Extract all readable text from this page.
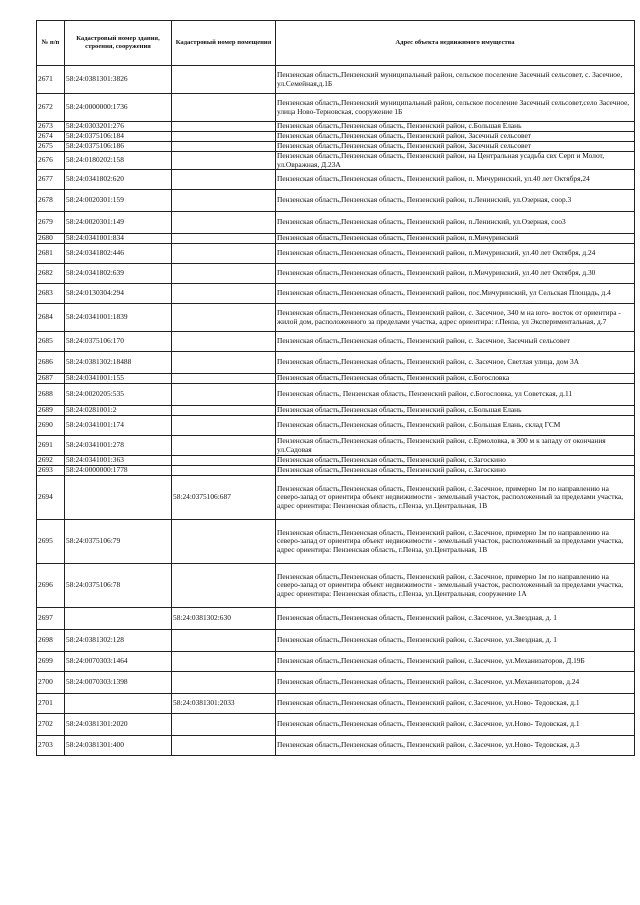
№ п/п	Кадастровый номер здания, строения, сооружения	Кадастровый номер помещения	Адрес объекта недвижимого имущества
2671	58:24:0381301:3826		Пензенская область,Пензенский муниципальный район, сельское поселение Засечный сельсовет, с. Засечное, ул.Семейная,д.1Б
2672	58:24:0000000:1736		Пензенская область,Пензенский муниципальный район, сельское поселение Засечный сельсовет,село Засечное, улица Ново-Терновская, сооружение 1Б
2673	58:24:0303201:276		Пензенская область,Пензенская область, Пензенский район, с.Большая Елань
2674	58:24:0375106:184		Пензенская область,Пензенская область, Пензенский район, Засечный сельсовет
2675	58:24:0375106:186		Пензенская область,Пензенская область, Пензенский район, Засечный сельсовет
2676	58:24:0180202:158		Пензенская область,Пензенская область, Пензенский район, на Центральная усадьба свх Серп и Молот, ул.Овражная, Д.23А
2677	58:24:0341802:620		Пензенская область,Пензенская область, Пензенский район, п. Мичуринский, ул.40 лет Октября,24
2678	58:24:0020301:159		Пензенская область,Пензенская область, Пензенский район, п.Ленинский, ул.Озерная, соор.3
2679	58:24:0020301:149		Пензенская область,Пензенская область, Пензенский район, п.Ленинский, ул.Озерная, соо3
2680	58:24:0341001:834		Пензенская область,Пензенская область, Пензенский район, п.Мичуринский
2681	58:24:0341802:446		Пензенская область,Пензенская область, Пензенский район, п.Мичуринский, ул.40 лет Октября, д.24
2682	58:24:0341802:639		Пензенская область,Пензенская область, Пензенский район, п.Мичуринский, ул.40 лет Октября, д.30
2683	58:24:0130304:294		Пензенская область,Пензенская область, Пензенский район, пос.Мичуринский, ул Сельская Площадь, д.4
2684	58:24:0341001:1839		Пензенская область,Пензенская область, Пензенский район, с. Засечное, 340 м на юго- восток от ориентира - жилой дом, расположенного за пределами участка, адрес ориентира: г.Пенза, ул Экспериментальная, д.7
2685	58:24:0375106:170		Пензенская область,Пензенская область, Пензенский район, с. Засечное, Засечный сельсовет
2686	58:24:0381302:18488		Пензенская область,Пензенская область, Пензенский район, с. Засечное, Светлая улица, дом 3А
2687	58:24:0341001:155		Пензенская область,Пензенская область, Пензенский район, с.Богословка
2688	58:24:0020205:535		Пензенская область, Пензенская область, Пензенский район, с.Богословка, ул Советская, д.11
2689	58:24:0281001:2		Пензенская область,Пензенская область, Пензенский район, с.Большая Елань
2690	58:24:0341001:174		Пензенская область,Пензенская область, Пензенский район, с.Большая Елань, склад ГСМ
2691	58:24:0341001:278		Пензенская область,Пензенская область, Пензенский район, с.Ермоловка, в 300 м к западу от окончания ул.Садовая
2692	58:24:0341001:363		Пензенская область,Пензенская область, Пензенский район, с.Загоскино
2693	58:24:0000000:1778		Пензенская область,Пензенская область, Пензенский район, с.Загоскино
2694		58:24:0375106:687	Пензенская область,Пензенская область, Пензенский район, с.Засечное, примерно 1м по направлению на северо-запад от ориентира объект недвижимости - земельный участок, расположенный за пределами участка, адрес ориентира: Пензенская область, г.Пенза, ул.Центральная, 1В
2695	58:24:0375106:79		Пензенская область,Пензенская область, Пензенский район, с.Засечное, примерно 1м по направлению на северо-запад от ориентира объект недвижимости - земельный участок, расположенный за пределами участка, адрес ориентира: Пензенская область, г.Пенза, ул.Центральная, 1В
2696	58:24:0375106:78		Пензенская область,Пензенская область, Пензенский район, с.Засечное, примерно 1м по направлению на северо-запад от ориентира объект недвижимости - земельный участок, расположенный за пределами участка, адрес ориентира: Пензенская область, г.Пенза, ул.Центральная, сооружение 1А
2697		58:24:0381302:630	Пензенская область,Пензенская область, Пензенский район, с.Засечное, ул.Звездная, д. 1
2698	58:24:0381302:128		Пензенская область,Пензенская область, Пензенский район, с.Засечное, ул.Звездная, д. 1
2699	58:24:0070303:1464		Пензенская область,Пензенская область, Пензенский район, с.Засечное, ул.Механизаторов, Д.19Б
2700	58:24:0070303:1398		Пензенская область,Пензенская область, Пензенский район, с.Засечное, ул.Механизаторов, д.24
2701		58:24:0381301:2033	Пензенская область,Пензенская область, Пензенский район, с.Засечное, ул.Ново- Тедовская, д.1
2702	58:24:0381301:2020		Пензенская область,Пензенская область, Пензенский район, с.Засечное, ул.Ново- Тедовская, д.1
2703	58:24:0381301:400		Пензенская область,Пензенская область, Пензенский район, с.Засечное, ул.Ново- Тедовская, д.3
